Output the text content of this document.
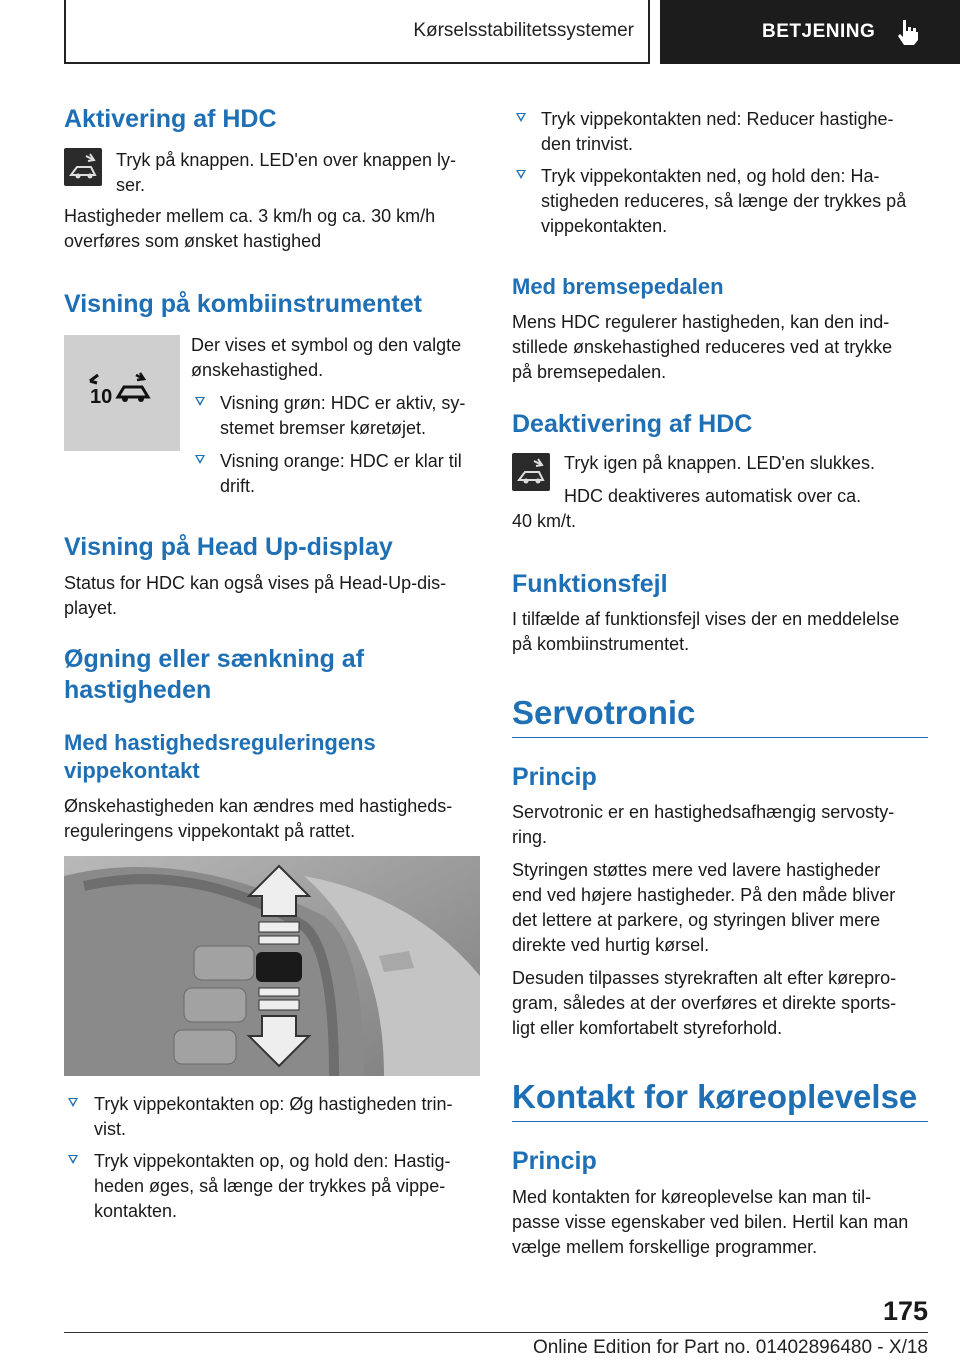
Kørselsstabilitetssystemer	BETJENING
Aktivering af HDC

Tryk på knappen. LED'en over knappen ly-

ser.

Hastigheder mellem ca. 3 km/h og ca. 30 km/h

overføres som ønsket hastighed

Visning på kombiinstrumentet
10

Der vises et symbol og den valgte

ønskehastighed.

Visning grøn: HDC er aktiv, sy-

stemet bremser køretøjet.

Visning orange: HDC er klar til

drift.

Visning på Head Up-display

Status for HDC kan også vises på Head-Up-dis-

playet.

Øgning eller sænkning af
hastigheden
Med hastighedsreguleringens
vippekontakt

Ønskehastigheden kan ændres med hastigheds-

reguleringens vippekontakt på rattet.

Tryk vippekontakten op: Øg hastigheden trin-

vist.

Tryk vippekontakten op, og hold den: Hastig-

heden øges, så længe der trykkes på vippe-

kontakten.

Tryk vippekontakten ned: Reducer hastighe-

den trinvist.

Tryk vippekontakten ned, og hold den: Ha-

stigheden reduceres, så længe der trykkes på

vippekontakten.

Med bremsepedalen

Mens HDC regulerer hastigheden, kan den ind-

stillede ønskehastighed reduceres ved at trykke

på bremsepedalen.

Deaktivering af HDC

Tryk igen på knappen. LED'en slukkes.

HDC deaktiveres automatisk over ca.

40 km/t.

Funktionsfejl

I tilfælde af funktionsfejl vises der en meddelelse

på kombiinstrumentet.

Servotronic
Princip

Servotronic er en hastighedsafhængig servosty-

ring.

Styringen støttes mere ved lavere hastigheder

end ved højere hastigheder. På den måde bliver

det lettere at parkere, og styringen bliver mere

direkte ved hurtig kørsel.

Desuden tilpasses styrekraften alt efter kørepro-

gram, således at der overføres et direkte sports-

ligt eller komfortabelt styreforhold.

Kontakt for køreoplevelse
Princip

Med kontakten for køreoplevelse kan man til-

passe visse egenskaber ved bilen. Hertil kan man

vælge mellem forskellige programmer.

175
Online Edition for Part no. 01402896480 - X/18
